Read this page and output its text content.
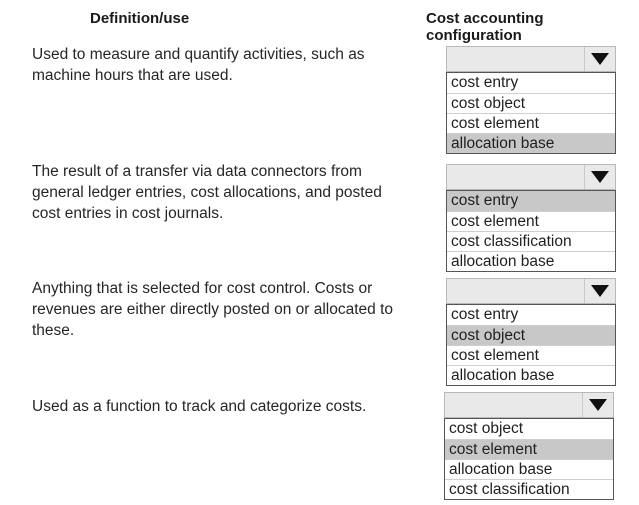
Definition/use	Cost accounting configuration
Used to measure and quantify activities, such as machine hours that are used.	cost entry
cost object
cost element
allocation base
The result of a transfer via data connectors from general ledger entries, cost allocations, and posted cost entries in cost journals.
cost entry
cost element
cost classification
allocation base
Anything that is selected for cost control. Costs or revenues are either directly posted on or allocated to these.
cost entry
cost object
cost element
allocation base
Used as a function to track and categorize costs.
cost object
cost element
allocation base
cost classification
